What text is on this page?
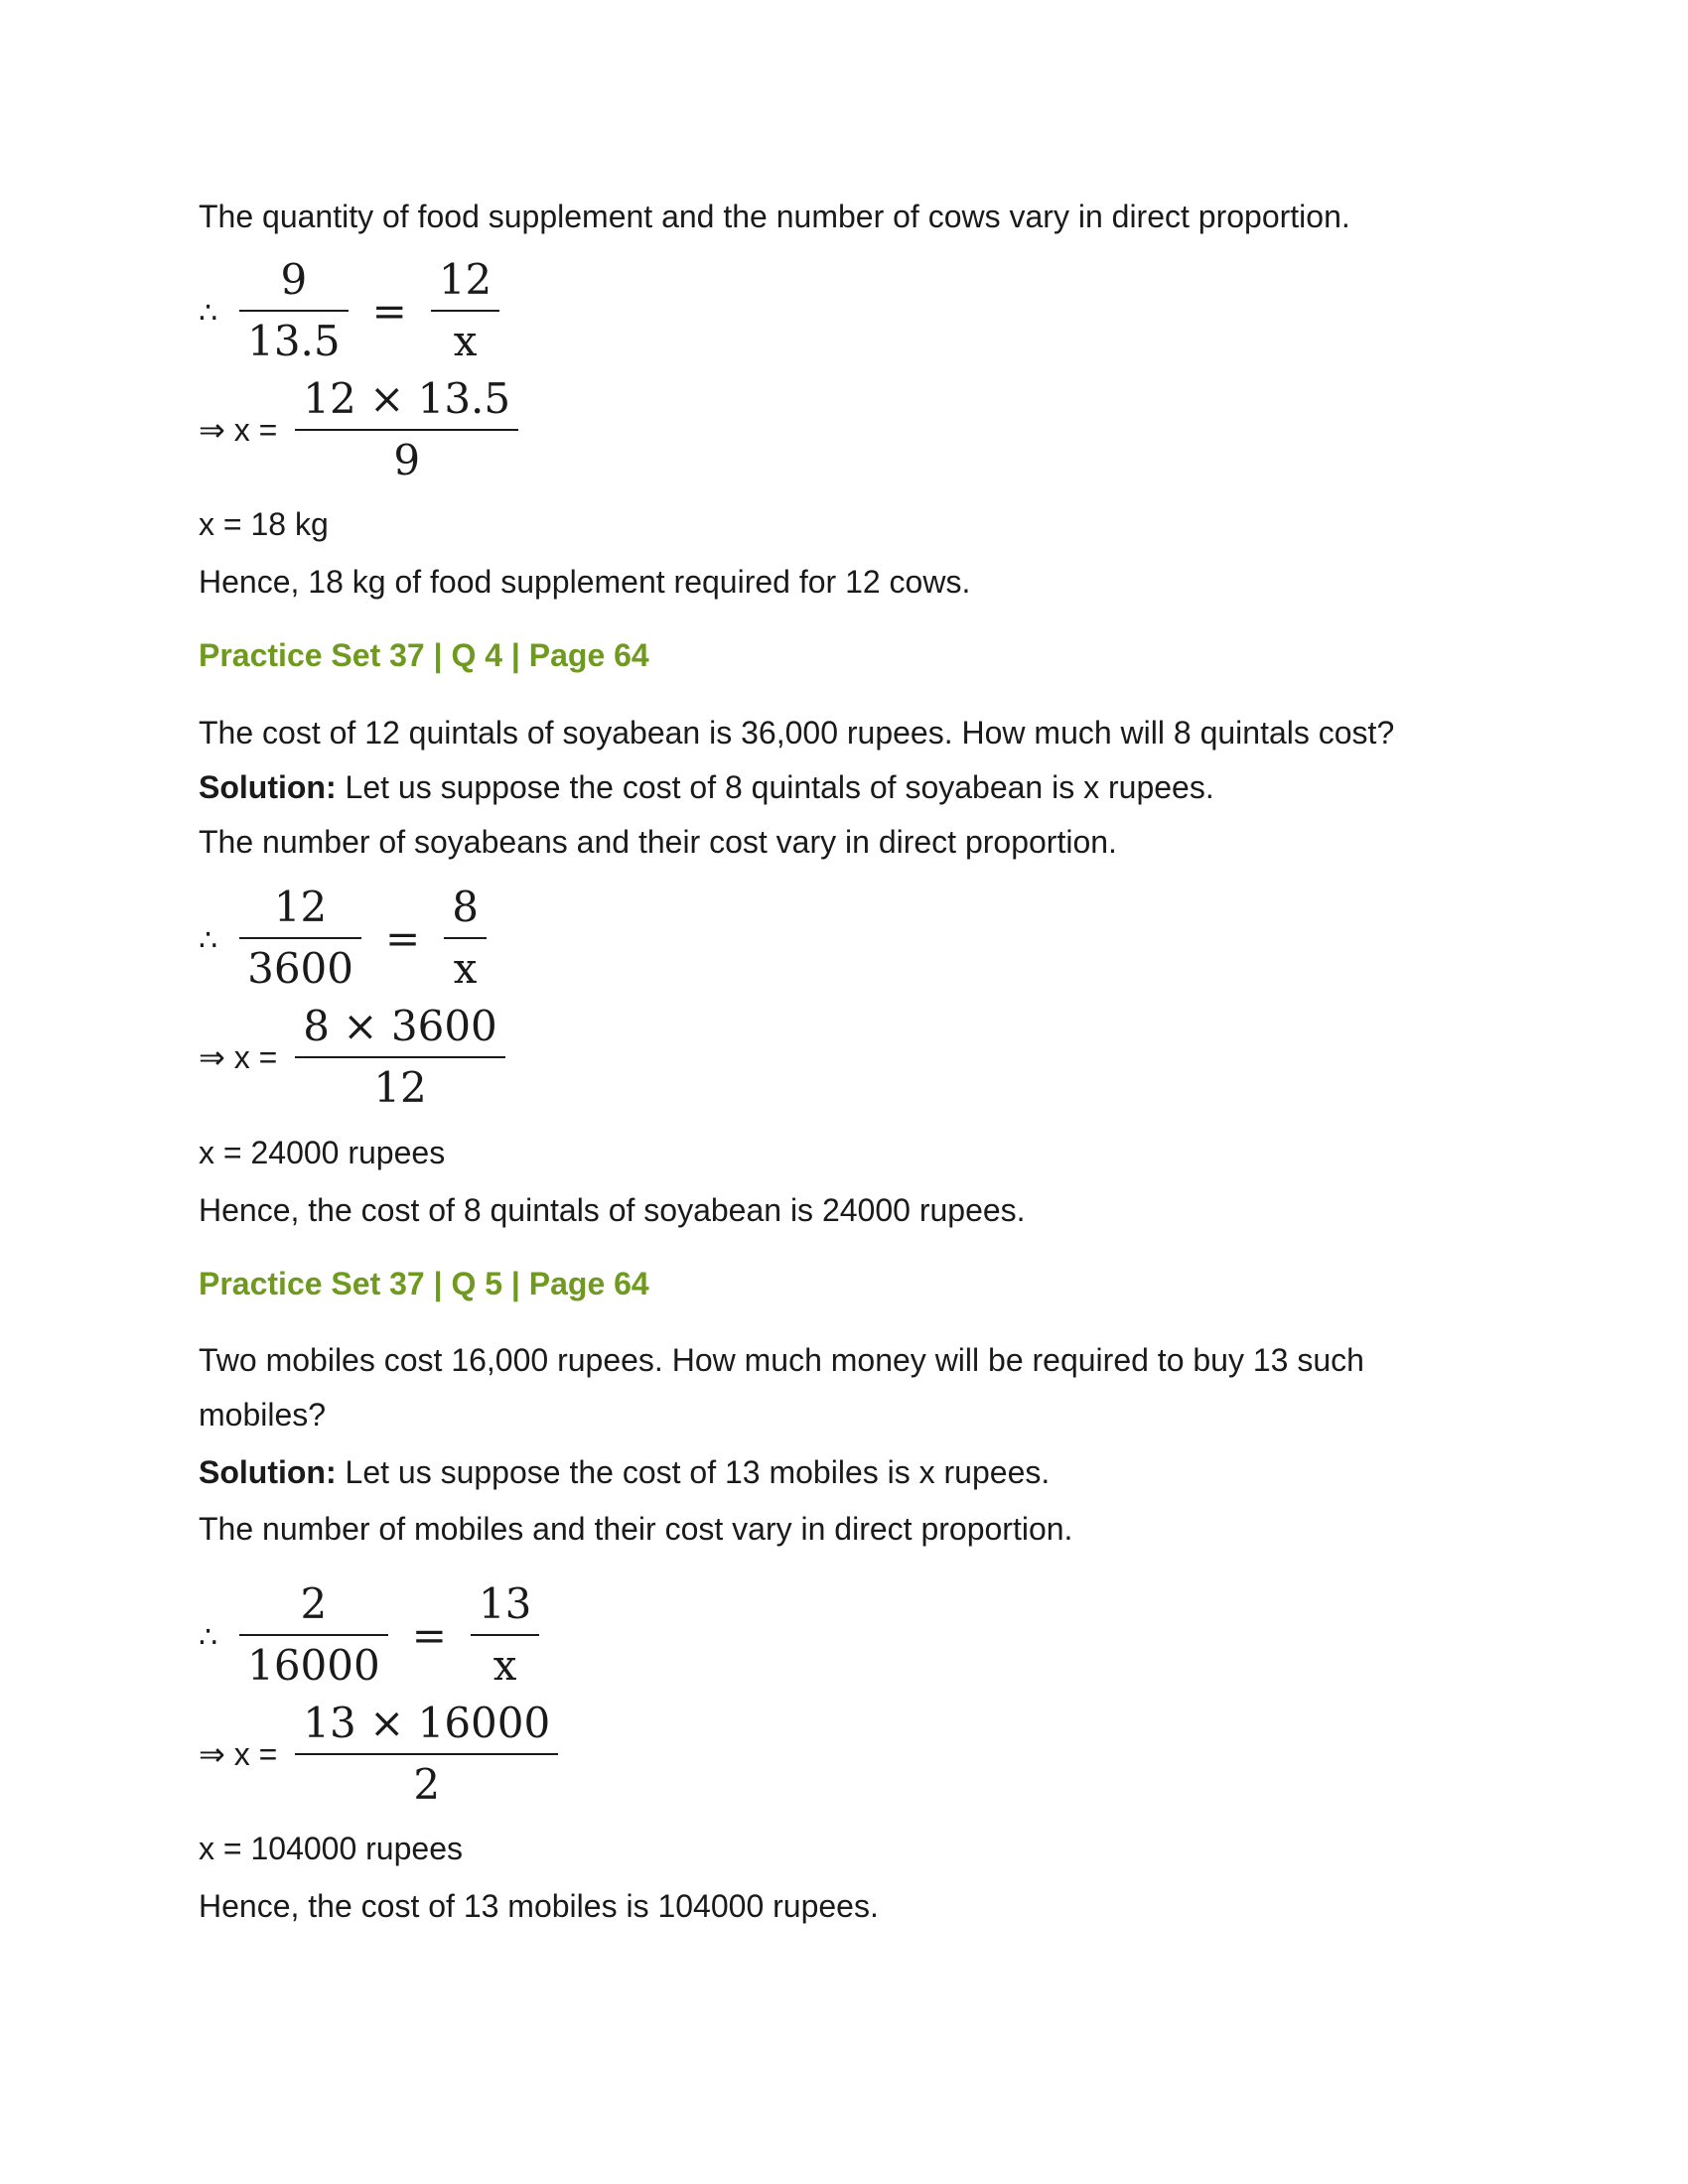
The quantity of food supplement and the number of cows vary in direct proportion.
∴ $\frac{9}{13.5} = \frac{12}{x}$
⇒ $x = \frac{12 \times 13.5}{9}$
x = 18 kg
Hence, 18 kg of food supplement required for 12 cows.
Practice Set 37 | Q 4 | Page 64
The cost of 12 quintals of soyabean is 36,000 rupees. How much will 8 quintals cost?
Solution: Let us suppose the cost of 8 quintals of soyabean is x rupees.
The number of soyabeans and their cost vary in direct proportion.
∴ $\frac{12}{3600} = \frac{8}{x}$
⇒ $x = \frac{8 \times 3600}{12}$
x = 24000 rupees
Hence, the cost of 8 quintals of soyabean is 24000 rupees.
Practice Set 37 | Q 5 | Page 64
Two mobiles cost 16,000 rupees. How much money will be required to buy 13 such
mobiles?
Solution: Let us suppose the cost of 13 mobiles is x rupees.
The number of mobiles and their cost vary in direct proportion.
∴ $\frac{2}{16000} = \frac{13}{x}$
⇒ $x = \frac{13 \times 16000}{2}$
x = 104000 rupees
Hence, the cost of 13 mobiles is 104000 rupees.
